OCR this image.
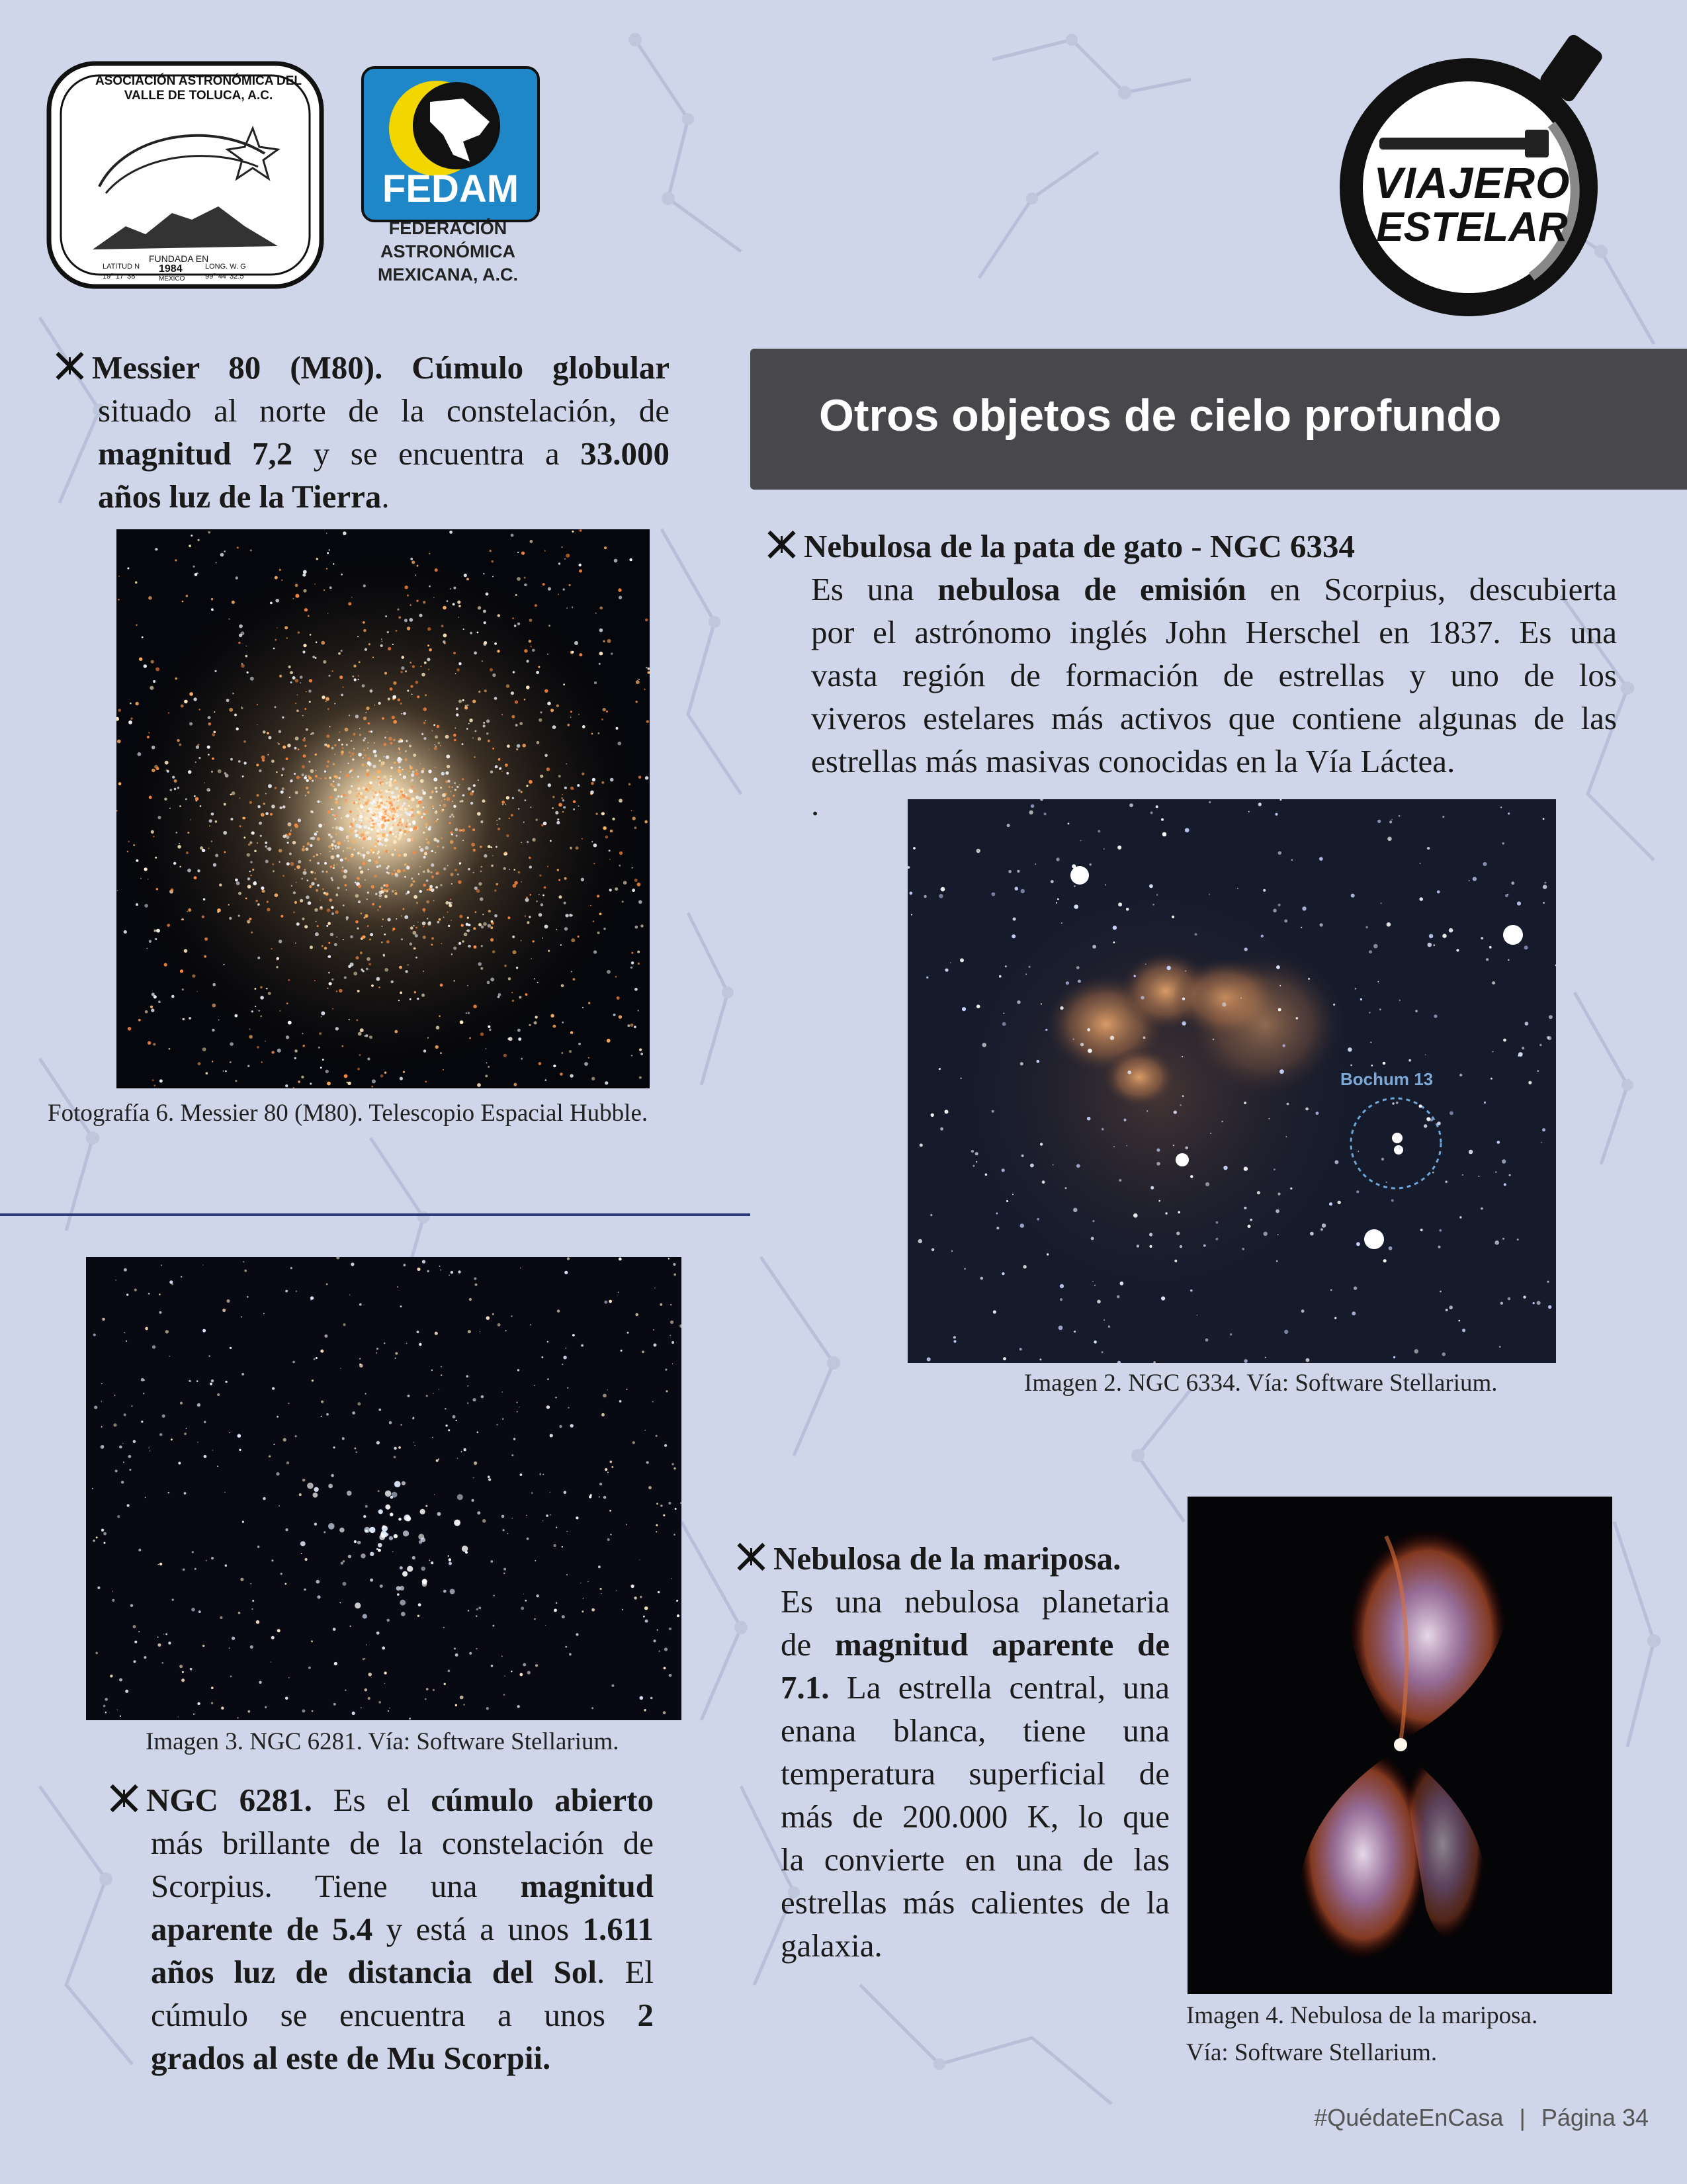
ASOCIACIÓN ASTRONÓMICA DEL VALLE DE TOLUCA, A.C.
FUNDADA EN
1984
LATITUD N
19° 17' 38"
LONG. W. G
99° 44' 32.5"
MÉXICO
FEDAM
FEDERACIÓN
ASTRONÓMICA
MEXICANA, A.C.
VIAJERO
ESTELAR
Otros objetos de cielo profundo
Messier 80 (M80). Cúmulo globular
situado al norte de la constelación, de
magnitud 7,2 y se encuentra a 33.000
años luz de la Tierra.
Fotografía 6. Messier 80 (M80). Telescopio Espacial Hubble.
Nebulosa de la pata de gato - NGC 6334
Es una nebulosa de emisión en Scorpius, descubierta
por el astrónomo inglés John Herschel en 1837. Es una
vasta región de formación de estrellas y uno de los
viveros estelares más activos que contiene algunas de las
estrellas más masivas conocidas en la Vía Láctea.
.
Bochum 13
Imagen 2. NGC 6334. Vía: Software Stellarium.
Imagen 3. NGC 6281. Vía: Software Stellarium.
NGC 6281. Es el cúmulo abierto
más brillante de la constelación de
Scorpius. Tiene una magnitud
aparente de 5.4 y está a unos 1.611
años luz de distancia del Sol. El
cúmulo se encuentra a unos 2
grados al este de Mu Scorpii.
Nebulosa de la mariposa.
Es una nebulosa planetaria
de magnitud aparente de
7.1. La estrella central, una
enana blanca, tiene una
temperatura superficial de
más de 200.000 K, lo que
la convierte en una de las
estrellas más calientes de la
galaxia.
Imagen 4. Nebulosa de la mariposa.
Vía: Software Stellarium.
#QuédateEnCasa | Página 34
